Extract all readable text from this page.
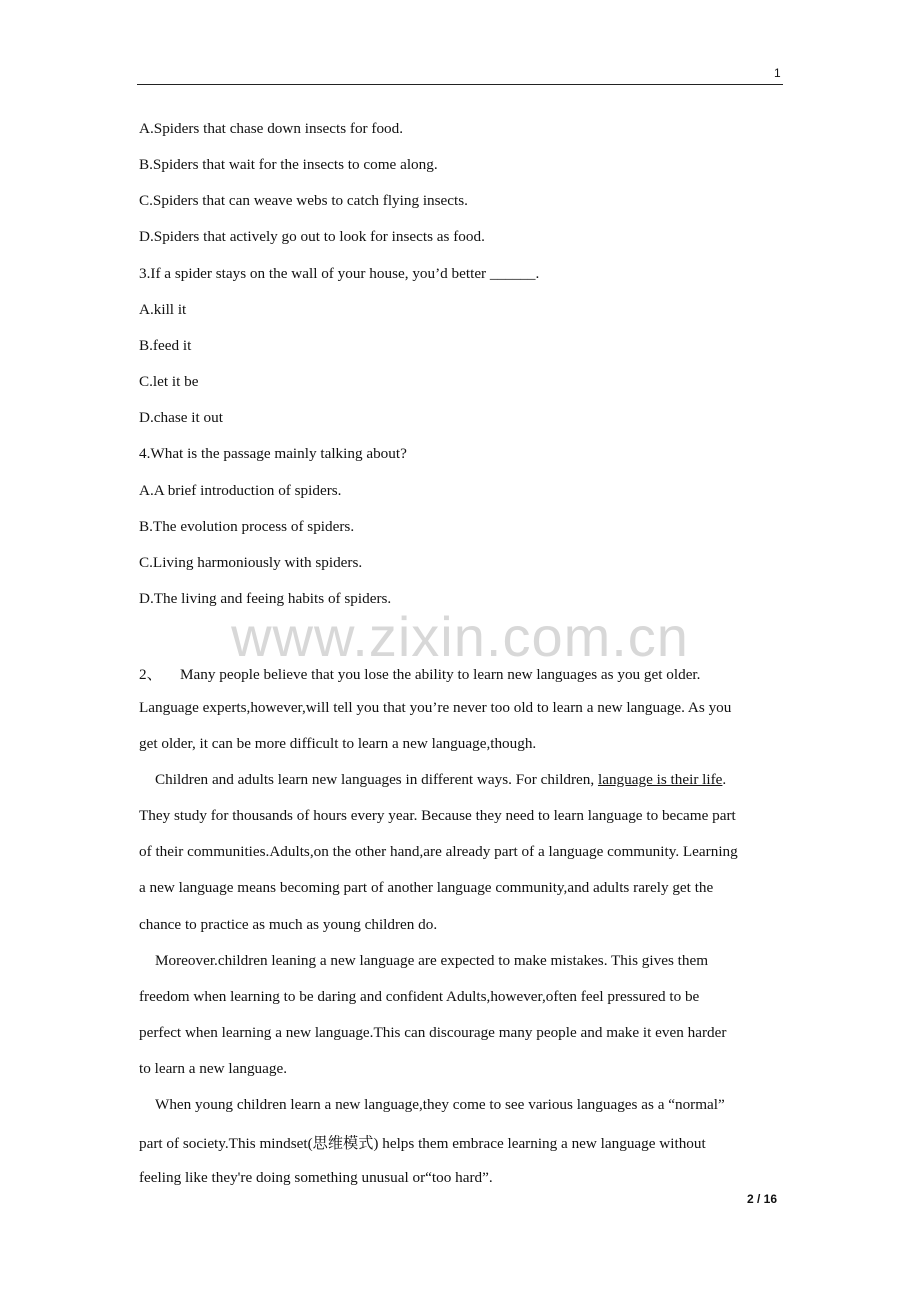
1
www.zixin.com.cn
A.Spiders that chase down insects for food.
B.Spiders that wait for the insects to come along.
C.Spiders that can weave webs to catch flying insects.
D.Spiders that actively go out to look for insects as food.
3.If a spider stays on the wall of your house, you’d better ______.
A.kill it
B.feed it
C.let it be
D.chase it out
4.What is the passage mainly talking about?
A.A brief introduction of spiders.
B.The evolution process of spiders.
C.Living harmoniously with spiders.
D.The living and feeing habits of spiders.
2、 Many people believe that you lose the ability to learn new languages as you get older.
Language experts,however,will tell you that you’re never too old to learn a new language. As you
get older, it can be more difficult to learn a new language,though.
Children and adults learn new languages in different ways. For children, language is their life.
They study for thousands of hours every year. Because they need to learn language to became part
of their communities.Adults,on the other hand,are already part of a language community. Learning
a new language means becoming part of another language community,and adults rarely get the
chance to practice as much as young children do.
Moreover.children leaning a new language are expected to make mistakes. This gives them
freedom when learning to be daring and confident Adults,however,often feel pressured to be
perfect when learning a new language.This can discourage many people and make it even harder
to learn a new language.
When young children learn a new language,they come to see various languages as a “normal”
part of society.This mindset(思维模式) helps them embrace learning a new language without
feeling like they're doing something unusual or“too hard”.
2 / 16
